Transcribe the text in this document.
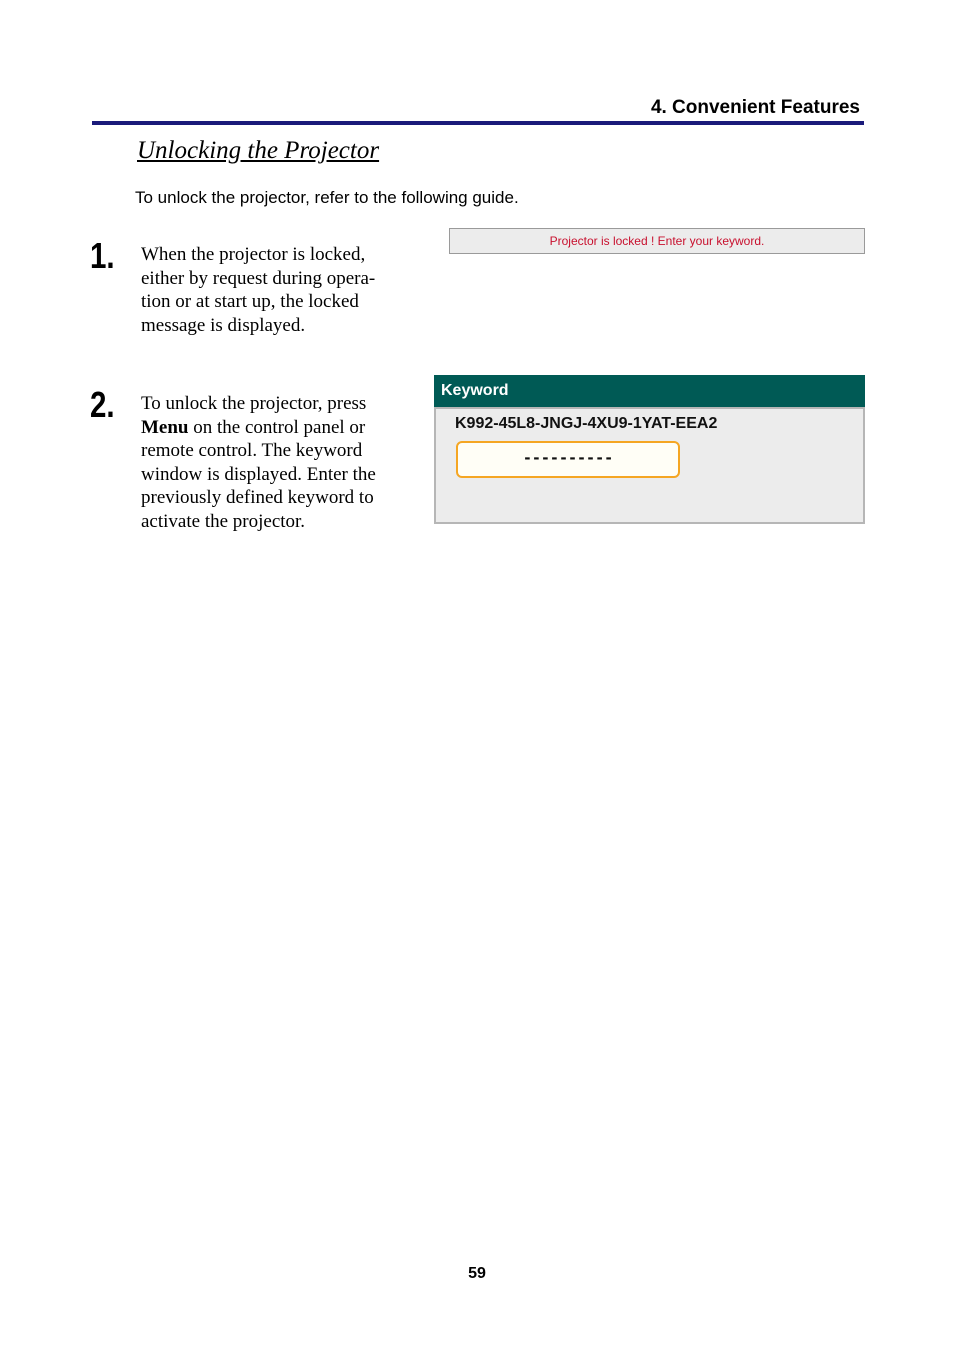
4. Convenient Features
Unlocking the Projector
To unlock the projector, refer to the following guide.
1. When the projector is locked,
either by request during opera-
tion or at start up, the locked
message is displayed.
Projector is locked ! Enter your keyword.
2. To unlock the projector, press
Menu on the control panel or
remote control. The keyword
window is displayed. Enter the
previously defined keyword to
activate the projector.
Keyword
K992-45L8-JNGJ-4XU9-1YAT-EEA2
----------
59
